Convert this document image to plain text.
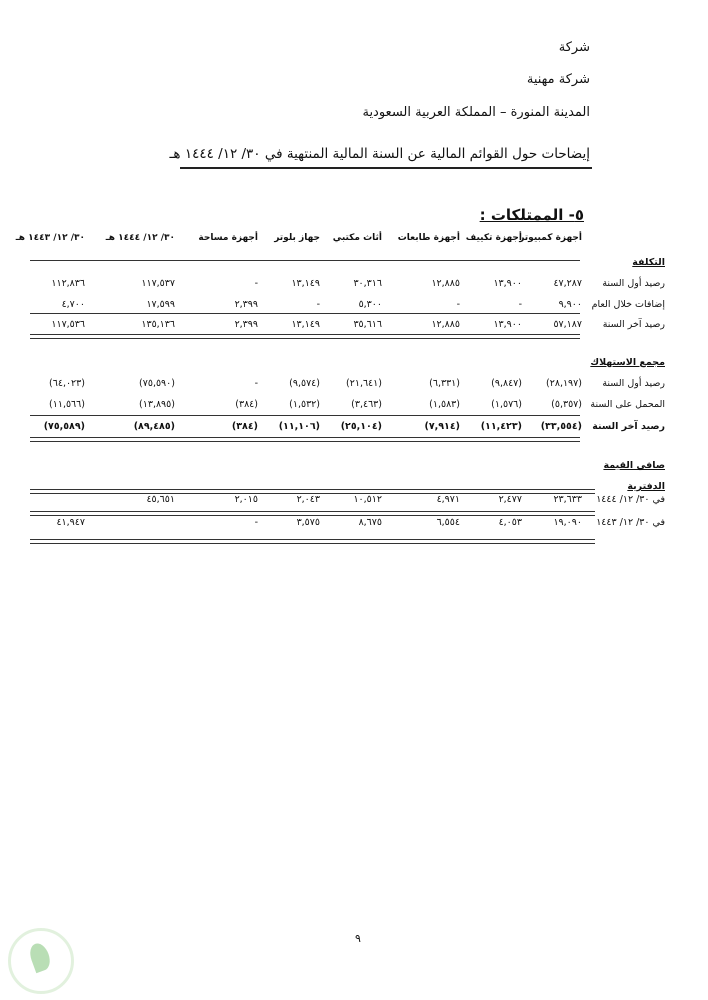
شركة
شركة مهنية
المدينة المنورة – المملكة العربية السعودية
إيضاحات حول القوائم المالية عن السنة المالية المنتهية في ٣٠/ ١٢/ ١٤٤٤ هـ
٥- الممتلكات :
	أجهزة كمبيوتر	أجهزة تكييف	أجهزة طابعات	أثاث مكتبي	جهاز بلوتر	أجهزة مساحة	٣٠/ ١٢/ ١٤٤٤ هـ	٣٠/ ١٢/ ١٤٤٣ هـ
التكلفة								
رصيد أول السنة	٤٧,٢٨٧	١٣,٩٠٠	١٢,٨٨٥	٣٠,٣١٦	١٣,١٤٩	-	١١٧,٥٣٧	١١٢,٨٣٦
إضافات خلال العام	٩,٩٠٠	-	-	٥,٣٠٠	-	٢,٣٩٩	١٧,٥٩٩	٤,٧٠٠
رصيد آخر السنة	٥٧,١٨٧	١٣,٩٠٠	١٢,٨٨٥	٣٥,٦١٦	١٣,١٤٩	٢,٣٩٩	١٣٥,١٣٦	١١٧,٥٣٦
مجمع الاستهلاك								
رصيد أول السنة	(٢٨,١٩٧)	(٩,٨٤٧)	(٦,٣٣١)	(٢١,٦٤١)	(٩,٥٧٤)	-	(٧٥,٥٩٠)	(٦٤,٠٢٣)
المحمل على السنة	(٥,٣٥٧)	(١,٥٧٦)	(١,٥٨٣)	(٣,٤٦٣)	(١,٥٣٢)	(٣٨٤)	(١٣,٨٩٥)	(١١,٥٦٦)
رصيد آخر السنة	(٣٣,٥٥٤)	(١١,٤٢٣)	(٧,٩١٤)	(٢٥,١٠٤)	(١١,١٠٦)	(٣٨٤)	(٨٩,٤٨٥)	(٧٥,٥٨٩)
صافي القيمة	
الدفترية	
في ٣٠/ ١٢/ ١٤٤٤	٢٣,٦٣٣	٢,٤٧٧	٤,٩٧١	١٠,٥١٢	٢,٠٤٣	٢,٠١٥	٤٥,٦٥١	
في ٣٠/ ١٢/ ١٤٤٣	١٩,٠٩٠	٤,٠٥٣	٦,٥٥٤	٨,٦٧٥	٣,٥٧٥	-		٤١,٩٤٧
٩
